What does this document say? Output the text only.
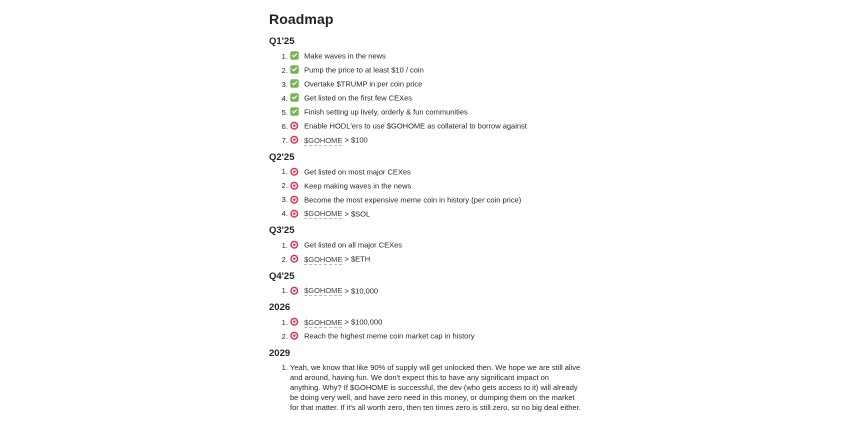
Roadmap
Q1'25
1. Make waves in the news
2. Pump the price to at least $10 / coin
3. Overtake $TRUMP in per coin price
4. Get listed on the first few CEXes
5. Finish setting up lively, orderly & fun communities
6. Enable HODL'ers to use $GOHOME as collateral to borrow against
7. $GOHOME > $100
Q2'25
1. Get listed on most major CEXes
2. Keep making waves in the news
3. Become the most expensive meme coin in history (per coin price)
4. $GOHOME > $SOL
Q3'25
1. Get listed on all major CEXes
2. $GOHOME > $ETH
Q4'25
1. $GOHOME > $10,000
2026
1. $GOHOME > $100,000
2. Reach the highest meme coin market cap in history
2029
1. Yeah, we know that like 90% of supply will get unlocked then. We hope we are still alive and around, having fun. We don't expect this to have any significant impact on anything. Why? If $GOHOME is successful, the dev (who gets access to it) will already be doing very well, and have zero need in this money, or dumping them on the market for that matter. If it's all worth zero, then ten times zero is still zero, so no big deal either.
